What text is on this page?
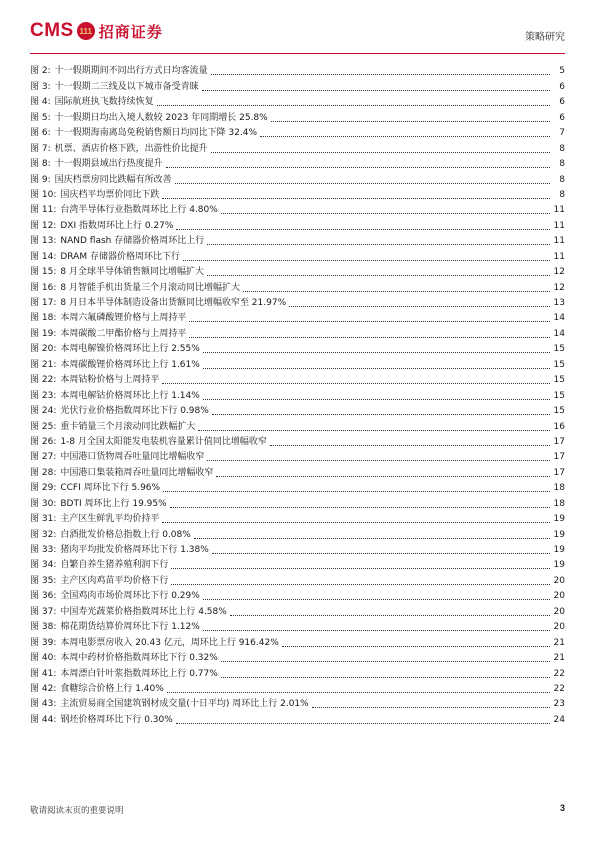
CMS 111 招商证券	策略研究
图 2: 十一假期期间不同出行方式日均客流量	5
图 3: 十一假期二三线及以下城市备受青睐	6
图 4: 国际航班执飞数持续恢复	6
图 5: 十一假期日均出入境人数较 2023 年同期增长 25.8%	6
图 6: 十一假期海南离岛免税销售额日均同比下降 32.4%	7
图 7: 机票、酒店价格下跌，出游性价比提升	8
图 8: 十一假期县域出行热度提升	8
图 9: 国庆档票房同比跌幅有所改善	8
图 10: 国庆档平均票价同比下跌	8
图 11: 台湾半导体行业指数周环比上行 4.80%	11
图 12: DXI 指数周环比上行 0.27%	11
图 13: NAND flash 存储器价格周环比上行	11
图 14: DRAM 存储器价格周环比下行	11
图 15: 8 月全球半导体销售额同比增幅扩大	12
图 16: 8 月智能手机出货量三个月滚动同比增幅扩大	12
图 17: 8 月日本半导体制造设备出货额同比增幅收窄至 21.97%	13
图 18: 本周六氟磷酸锂价格与上周持平	14
图 19: 本周碳酸二甲酯价格与上周持平	14
图 20: 本周电解镍价格周环比上行 2.55%	15
图 21: 本周碳酸锂价格周环比上行 1.61%	15
图 22: 本周钴粉价格与上周持平	15
图 23: 本周电解钴价格周环比上行 1.14%	15
图 24: 光伏行业价格指数周环比下行 0.98%	15
图 25: 重卡销量三个月滚动同比跌幅扩大	16
图 26: 1-8 月全国太阳能发电装机容量累计值同比增幅收窄	17
图 27: 中国港口货物周吞吐量同比增幅收窄	17
图 28: 中国港口集装箱周吞吐量同比增幅收窄	17
图 29: CCFI 周环比下行 5.96%	18
图 30: BDTI 周环比上行 19.95%	18
图 31: 主产区生鲜乳平均价持平	19
图 32: 白酒批发价格总指数上行 0.08%	19
图 33: 猪肉平均批发价格周环比下行 1.38%	19
图 34: 自繁自养生猪养殖利润下行	19
图 35: 主产区肉鸡苗平均价格下行	20
图 36: 全国鸡肉市场价周环比下行 0.29%	20
图 37: 中国寿光蔬菜价格指数周环比上行 4.58%	20
图 38: 棉花期货结算价周环比下行 1.12%	20
图 39: 本周电影票房收入 20.43 亿元，周环比上行 916.42%	21
图 40: 本周中药材价格指数周环比下行 0.32%	21
图 41: 本周漂白针叶浆指数周环比上行 0.77%	22
图 42: 食糖综合价格上行 1.40%	22
图 43: 主流贸易商全国建筑钢材成交量(十日平均) 周环比上行 2.01%	23
图 44: 钢坯价格周环比下行 0.30%	24
敬请阅读末页的重要说明	3
